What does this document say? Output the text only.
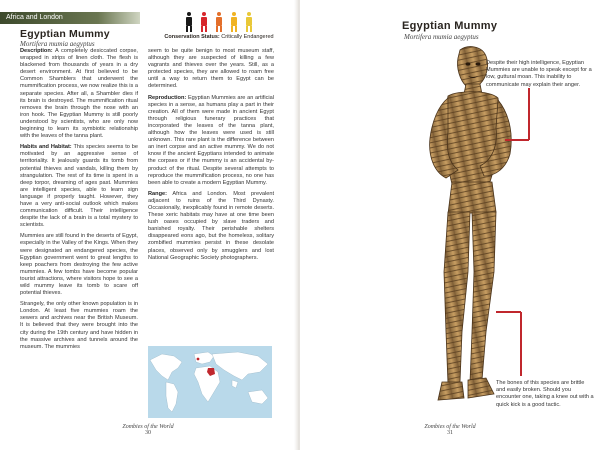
Africa and London
Conservation Status: Critically Endangered
Egyptian Mummy
Mortifera mumia aegyptus

Description: A completely desiccated corpse, wrapped in strips of linen cloth. The flesh is blackened from thousands of years in a dry desert environment. At first believed to be Common Shamblers that underwent the mummification process, we now realize this is a separate species. After all, a Shambler dies if its brain is destroyed. The mummification ritual removes the brain through the nose with an iron hook. The Egyptian Mummy is still poorly understood by scientists, who are only now beginning to learn its symbiotic relationship with the leaves of the tanna plant.

Habits and Habitat: This species seems to be motivated by an aggressive sense of territoriality. It jealously guards its tomb from potential thieves and vandals, killing them by strangulation. The rest of its time is spent in a deep torpor, dreaming of ages past. Mummies are intelligent species, able to learn sign language if properly taught. However, they have a very anti-social outlook which makes communication difficult. Their intelligence despite the lack of a brain is a total mystery to scientists.

Mummies are still found in the deserts of Egypt, especially in the Valley of the Kings. When they were designated an endangered species, the Egyptian government went to great lengths to keep poachers from destroying the few active mummies. A few tombs have become popular tourist attractions, where visitors hope to see a wild mummy leave its tomb to scare off potential thieves.

Strangely, the only other known population is in London. At least five mummies roam the sewers and archives near the British Museum. It is believed that they were brought into the city during the 19th century and have hidden in the massive archives and tunnels around the museum. The mummies

seem to be quite benign to most museum staff, although they are suspected of killing a few vagrants and thieves over the years. Still, as a protected species, they are allowed to roam free until a way to return them to Egypt can be determined.

Reproduction: Egyptian Mummies are an artificial species in a sense, as humans play a part in their creation. All of them were made in ancient Egypt through religious funerary practices that incorporated the leaves of the tanna plant, although how the leaves were used is still unknown. This rare plant is the difference between an inert corpse and an active mummy. We do not know if the ancient Egyptians intended to animate the corpses or if the mummy is an accidental by-product of the ritual. Despite several attempts to reproduce the mummification process, no one has been able to create a modern Egyptian Mummy.

Range: Africa and London. Most prevalent adjacent to ruins of the Third Dynasty. Occasionally, inexplicably found in remote deserts. These xeric habitats may have at one time been lush oases occupied by slave traders and banished royalty. Their perishable shelters disappeared eons ago, but the homeless, solitary zombified mummies persist in these desolate places, observed only by smugglers and lost National Geographic Society photographers.

Zombies of the World
30
Egyptian Mummy
Mortifera mumia aegyptus
Despite their high intelligence, Egyptian Mummies are unable to speak except for a low, guttural moan. This inability to communicate may explain their anger.
The bones of this species are brittle and easily broken. Should you encounter one, taking a knee out with a quick kick is a good tactic.
Zombies of the World
31
